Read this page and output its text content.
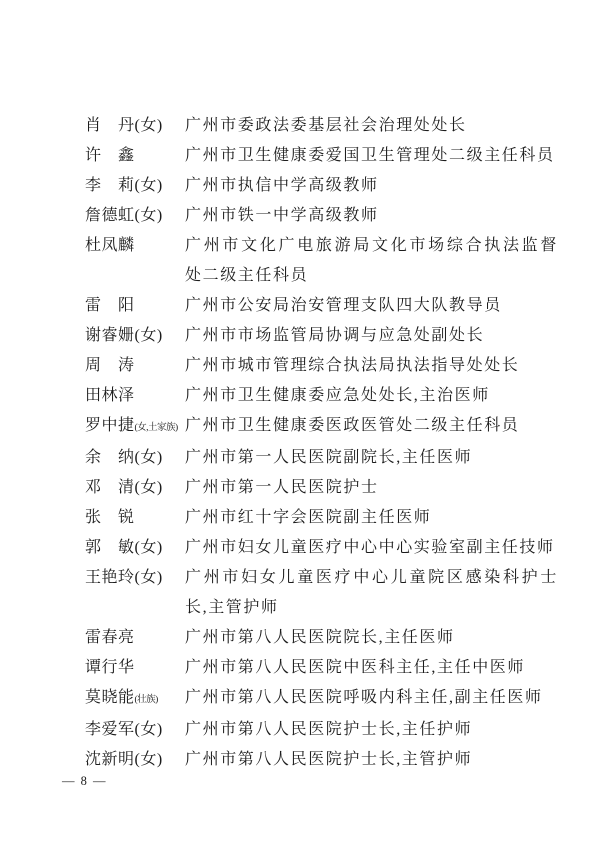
肖　丹(女)	广州市委政法委基层社会治理处处长
许　鑫	广州市卫生健康委爱国卫生管理处二级主任科员
李　莉(女)	广州市执信中学高级教师
詹德虹(女)	广州市铁一中学高级教师
杜凤麟	广州市文化广电旅游局文化市场综合执法监督
处二级主任科员
雷　阳	广州市公安局治安管理支队四大队教导员
谢睿姗(女)	广州市市场监管局协调与应急处副处长
周　涛	广州市城市管理综合执法局执法指导处处长
田林泽	广州市卫生健康委应急处处长,主治医师
罗中捷(女,土家族) 广州市卫生健康委医政医管处二级主任科员
余　纳(女)	广州市第一人民医院副院长,主任医师
邓　清(女)	广州市第一人民医院护士
张　锐	广州市红十字会医院副主任医师
郭　敏(女)	广州市妇女儿童医疗中心中心实验室副主任技师
王艳玲(女)	广州市妇女儿童医疗中心儿童院区感染科护士
长,主管护师
雷春亮	广州市第八人民医院院长,主任医师
谭行华	广州市第八人民医院中医科主任,主任中医师
莫晓能(壮族)	广州市第八人民医院呼吸内科主任,副主任医师
李爱军(女)	广州市第八人民医院护士长,主任护师
沈新明(女)	广州市第八人民医院护士长,主管护师
— 8 —
